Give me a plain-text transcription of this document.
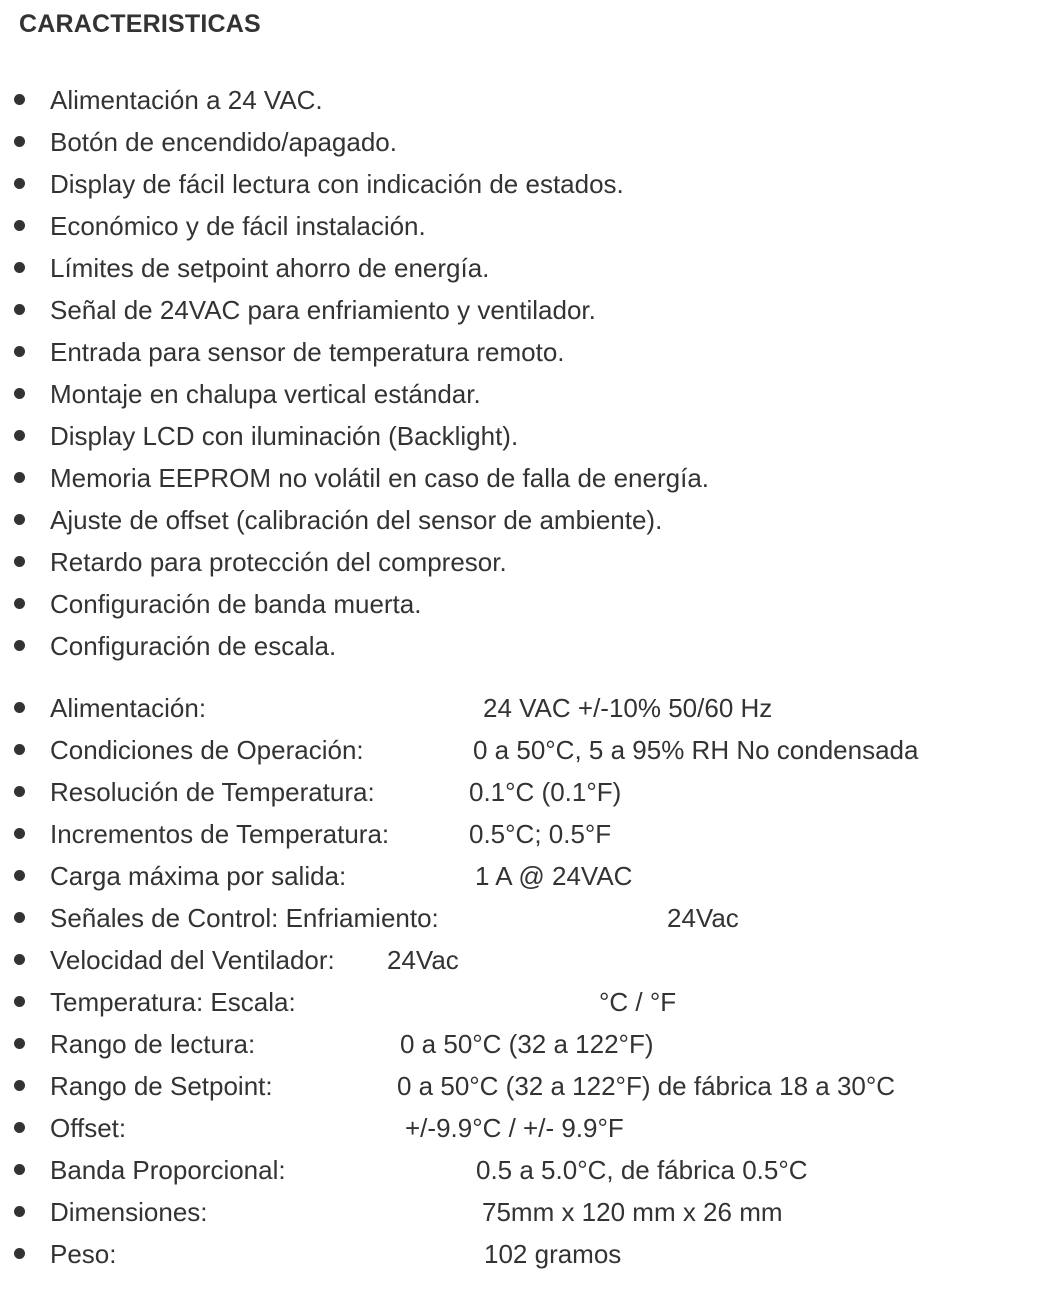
CARACTERISTICAS
Alimentación a 24 VAC.
Botón de encendido/apagado.
Display de fácil lectura con indicación de estados.
Económico y de fácil instalación.
Límites de setpoint ahorro de energía.
Señal de 24VAC para enfriamiento y ventilador.
Entrada para sensor de temperatura remoto.
Montaje en chalupa vertical estándar.
Display LCD con iluminación (Backlight).
Memoria EEPROM no volátil en caso de falla de energía.
Ajuste de offset (calibración del sensor de ambiente).
Retardo para protección del compresor.
Configuración de banda muerta.
Configuración de escala.
Alimentación:	24 VAC +/-10% 50/60 Hz
Condiciones de Operación:	0 a 50°C, 5 a 95% RH No condensada
Resolución de Temperatura:	0.1°C (0.1°F)
Incrementos de Temperatura:	0.5°C; 0.5°F
Carga máxima por salida:	1 A @ 24VAC
Señales de Control: Enfriamiento:	24Vac
Velocidad del Ventilador: 24Vac
Temperatura: Escala:	°C / °F
Rango de lectura:	0 a 50°C (32 a 122°F)
Rango de Setpoint:	0 a 50°C (32 a 122°F) de fábrica 18 a 30°C
Offset:	+/-9.9°C / +/- 9.9°F
Banda Proporcional:	0.5 a 5.0°C, de fábrica 0.5°C
Dimensiones:	75mm x 120 mm x 26 mm
Peso:	102 gramos
